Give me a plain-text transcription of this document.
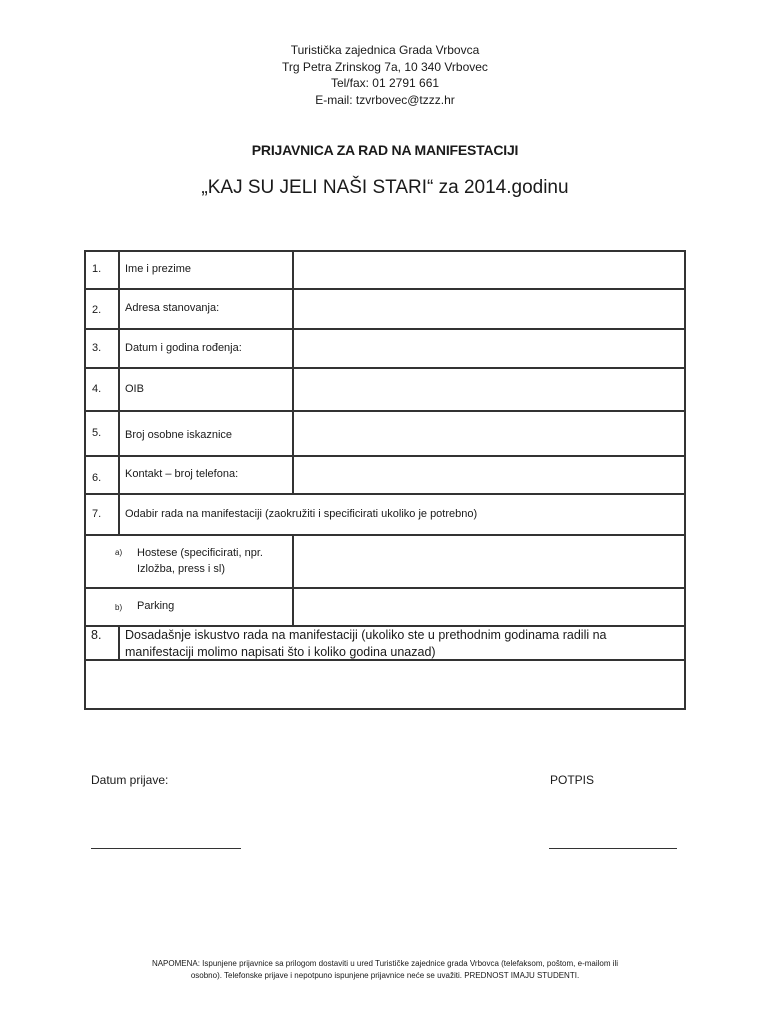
Turistička zajednica Grada Vrbovca
Trg Petra Zrinskog 7a, 10 340 Vrbovec
Tel/fax: 01 2791 661
E-mail: tzvrbovec@tzzz.hr
PRIJAVNICA ZA RAD NA MANIFESTACIJI
„KAJ SU JELI NAŠI STARI“ za 2014.godinu
1. Ime i prezime
2. Adresa stanovanja:
3. Datum i godina rođenja:
4. OIB
5. Broj osobne iskaznice
6. Kontakt – broj telefona:
7. Odabir rada na manifestaciji (zaokružiti i specificirati ukoliko je potrebno)
a) Hostese (specificirati, npr.
Izložba, press i sl)
b) Parking
8. Dosadašnje iskustvo rada na manifestaciji (ukoliko ste u prethodnim godinama radili na
manifestaciji molimo napisati što i koliko godina unazad)
Datum prijave:	POTPIS
NAPOMENA: Ispunjene prijavnice sa prilogom dostaviti u ured Turističke zajednice grada Vrbovca (telefaksom, poštom, e-mailom ili
osobno). Telefonske prijave i nepotpuno ispunjene prijavnice neće se uvažiti. PREDNOST IMAJU STUDENTI.
